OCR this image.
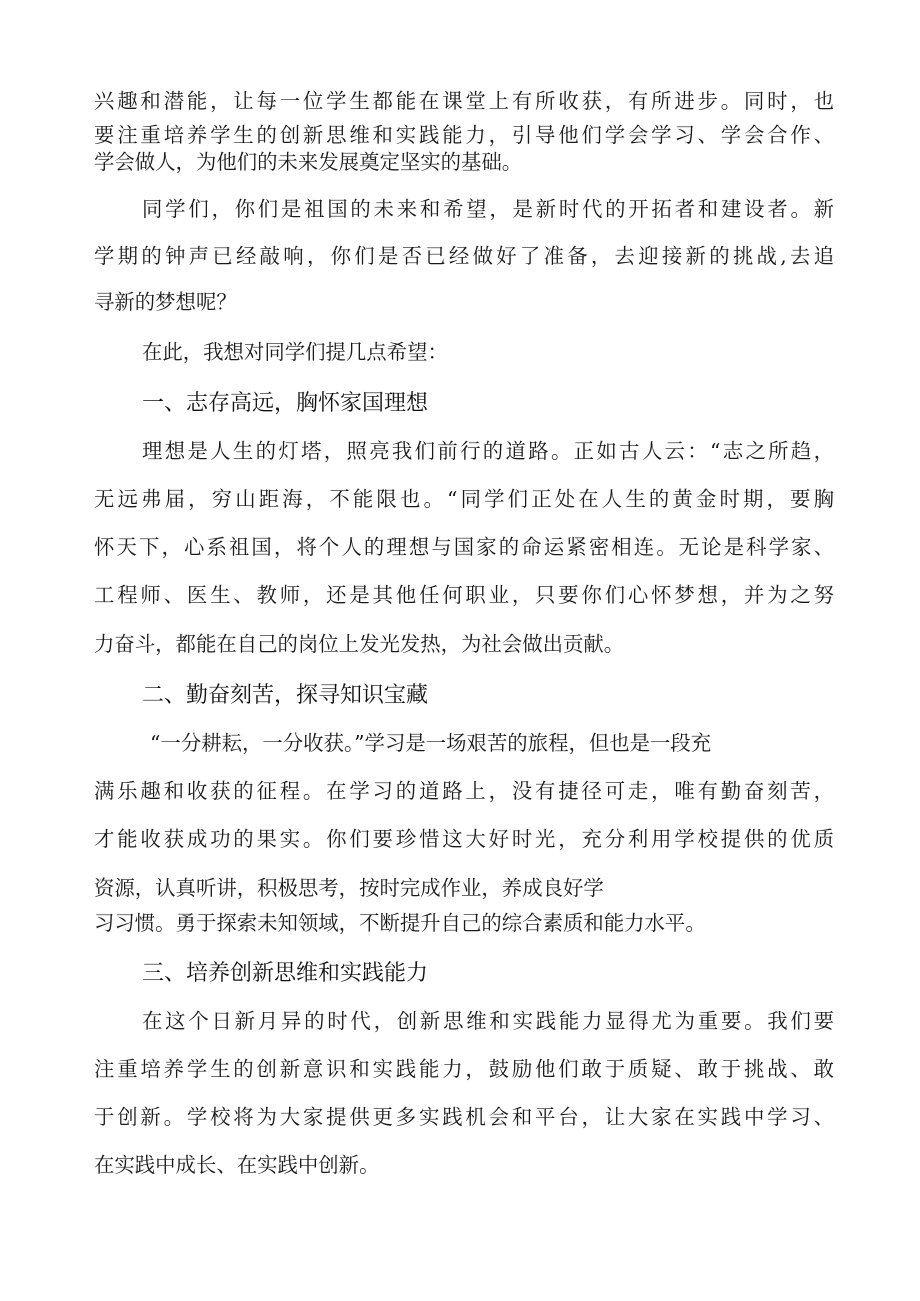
兴趣和潜能，让每一位学生都能在课堂上有所收获，有所进步。同时，也
要注重培养学生的创新思维和实践能力，引导他们学会学习、学会合作、
学会做人，为他们的未来发展奠定坚实的基础。
同学们，你们是祖国的未来和希望，是新时代的开拓者和建设者。新
学期的钟声已经敲响，你们是否已经做好了准备，去迎接新的挑战,去追
寻新的梦想呢？
在此，我想对同学们提几点希望：
一、志存高远，胸怀家国理想
理想是人生的灯塔，照亮我们前行的道路。正如古人云：“志之所趋，
无远弗届，穷山距海，不能限也。“同学们正处在人生的黄金时期，要胸
怀天下，心系祖国，将个人的理想与国家的命运紧密相连。无论是科学家、
工程师、医生、教师，还是其他任何职业，只要你们心怀梦想，并为之努
力奋斗，都能在自己的岗位上发光发热，为社会做出贡献。
二、勤奋刻苦，探寻知识宝藏
“一分耕耘，一分收获。”学习是一场艰苦的旅程，但也是一段充
满乐趣和收获的征程。在学习的道路上，没有捷径可走，唯有勤奋刻苦，
才能收获成功的果实。你们要珍惜这大好时光，充分利用学校提供的优质
资源，认真听讲，积极思考，按时完成作业，养成良好学
习习惯。勇于探索未知领域，不断提升自己的综合素质和能力水平。
三、培养创新思维和实践能力
在这个日新月异的时代，创新思维和实践能力显得尤为重要。我们要
注重培养学生的创新意识和实践能力，鼓励他们敢于质疑、敢于挑战、敢
于创新。学校将为大家提供更多实践机会和平台，让大家在实践中学习、
在实践中成长、在实践中创新。
